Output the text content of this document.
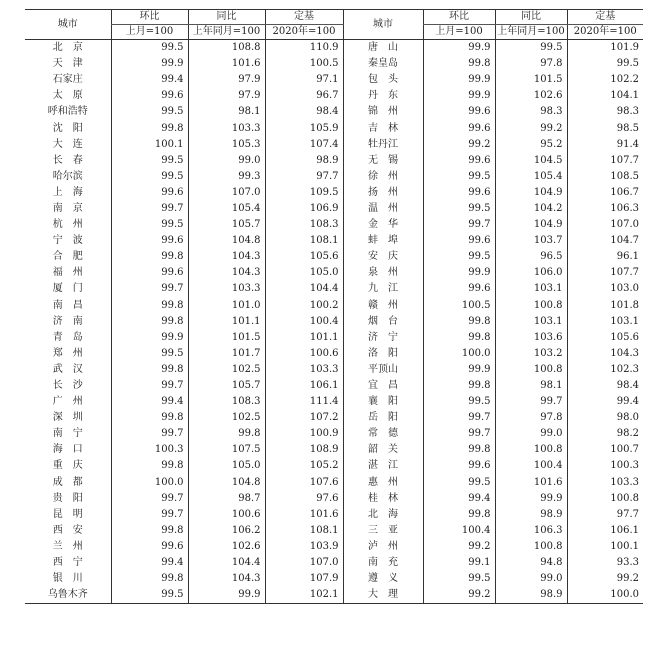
城市	环比	同比	定基	城市	环比	同比	定基
	上月=100	上年同月=100	2020年=100		上月=100	上年同月=100	2020年=100
北　京	99.5	108.8	110.9	唐　山	99.9	99.5	101.9
天　津	99.9	101.6	100.5	秦皇岛	99.8	97.8	99.5
石家庄	99.4	97.9	97.1	包　头	99.9	101.5	102.2
太　原	99.6	97.9	96.7	丹　东	99.9	102.6	104.1
呼和浩特	99.5	98.1	98.4	锦　州	99.6	98.3	98.3
沈　阳	99.8	103.3	105.9	吉　林	99.6	99.2	98.5
大　连	100.1	105.3	107.4	牡丹江	99.2	95.2	91.4
长　春	99.5	99.0	98.9	无　锡	99.6	104.5	107.7
哈尔滨	99.5	99.3	97.7	徐　州	99.5	105.4	108.5
上　海	99.6	107.0	109.5	扬　州	99.6	104.9	106.7
南　京	99.7	105.4	106.9	温　州	99.5	104.2	106.3
杭　州	99.5	105.7	108.3	金　华	99.7	104.9	107.0
宁　波	99.6	104.8	108.1	蚌　埠	99.6	103.7	104.7
合　肥	99.8	104.3	105.6	安　庆	99.5	96.5	96.1
福　州	99.6	104.3	105.0	泉　州	99.9	106.0	107.7
厦　门	99.7	103.3	104.4	九　江	99.6	103.1	103.0
南　昌	99.8	101.0	100.2	赣　州	100.5	100.8	101.8
济　南	99.8	101.1	100.4	烟　台	99.8	103.1	103.1
青　岛	99.9	101.5	101.1	济　宁	99.8	103.6	105.6
郑　州	99.5	101.7	100.6	洛　阳	100.0	103.2	104.3
武　汉	99.8	102.5	103.3	平顶山	99.9	100.8	102.3
长　沙	99.7	105.7	106.1	宜　昌	99.8	98.1	98.4
广　州	99.4	108.3	111.4	襄　阳	99.5	99.7	99.4
深　圳	99.8	102.5	107.2	岳　阳	99.7	97.8	98.0
南　宁	99.7	99.8	100.9	常　德	99.7	99.0	98.2
海　口	100.3	107.5	108.9	韶　关	99.8	100.8	100.7
重　庆	99.8	105.0	105.2	湛　江	99.6	100.4	100.3
成　都	100.0	104.8	107.6	惠　州	99.5	101.6	103.3
贵　阳	99.7	98.7	97.6	桂　林	99.4	99.9	100.8
昆　明	99.7	100.6	101.6	北　海	99.8	98.9	97.7
西　安	99.8	106.2	108.1	三　亚	100.4	106.3	106.1
兰　州	99.6	102.6	103.9	泸　州	99.2	100.8	100.1
西　宁	99.4	104.4	107.0	南　充	99.1	94.8	93.3
银　川	99.8	104.3	107.9	遵　义	99.5	99.0	99.2
乌鲁木齐	99.5	99.9	102.1	大　理	99.2	98.9	100.0
